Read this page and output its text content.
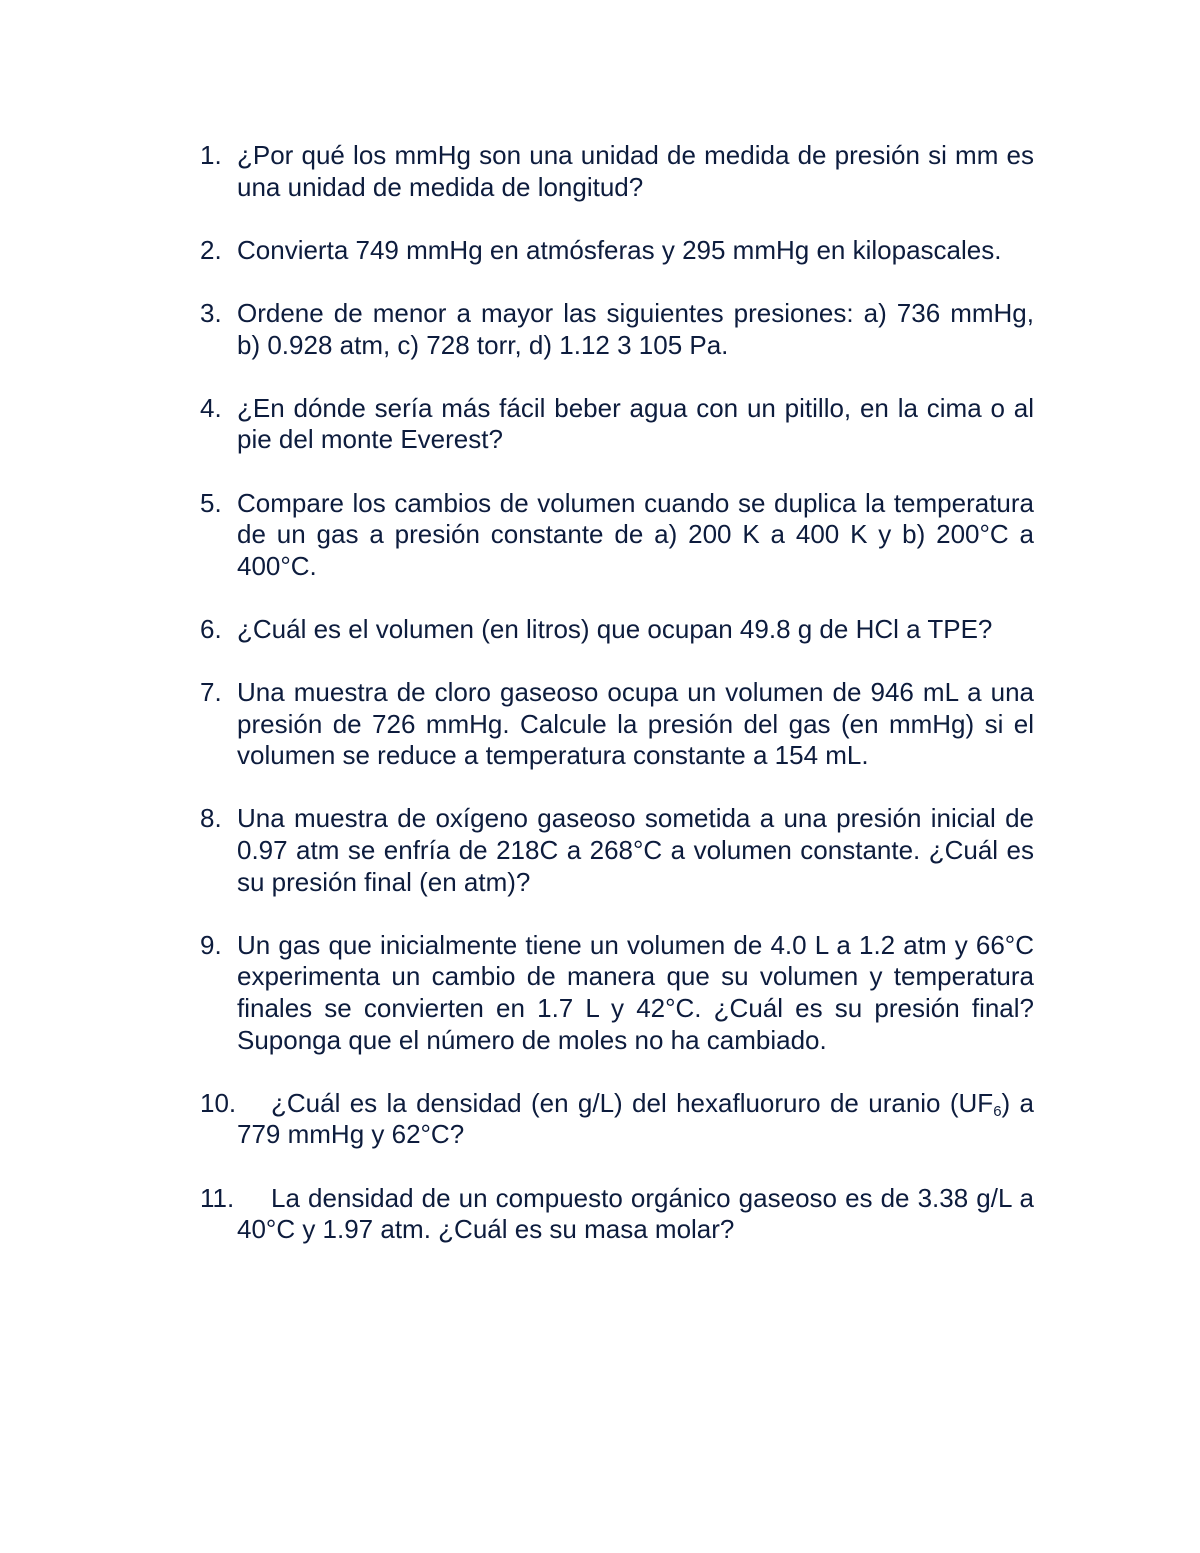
1. ¿Por qué los mmHg son una unidad de medida de presión si mm es una unidad de medida de longitud?
2. Convierta 749 mmHg en atmósferas y 295 mmHg en kilopascales.
3. Ordene de menor a mayor las siguientes presiones: a) 736 mmHg, b) 0.928 atm, c) 728 torr, d) 1.12 3 105 Pa.
4. ¿En dónde sería más fácil beber agua con un pitillo, en la cima o al pie del monte Everest?
5. Compare los cambios de volumen cuando se duplica la temperatura de un gas a presión constante de a) 200 K a 400 K y b) 200°C a 400°C.
6. ¿Cuál es el volumen (en litros) que ocupan 49.8 g de HCl a TPE?
7. Una muestra de cloro gaseoso ocupa un volumen de 946 mL a una presión de 726 mmHg. Calcule la presión del gas (en mmHg) si el volumen se reduce a temperatura constante a 154 mL.
8. Una muestra de oxígeno gaseoso sometida a una presión inicial de 0.97 atm se enfría de 218C a 268°C a volumen constante. ¿Cuál es su presión final (en atm)?
9. Un gas que inicialmente tiene un volumen de 4.0 L a 1.2 atm y 66°C experimenta un cambio de manera que su volumen y temperatura finales se convierten en 1.7 L y 42°C. ¿Cuál es su presión final? Suponga que el número de moles no ha cambiado.
10.	¿Cuál es la densidad (en g/L) del hexafluoruro de uranio $(UF_6)$ a 779 mmHg y 62°C?
11.	La densidad de un compuesto orgánico gaseoso es de 3.38 g/L a 40°C y 1.97 atm. ¿Cuál es su masa molar?
